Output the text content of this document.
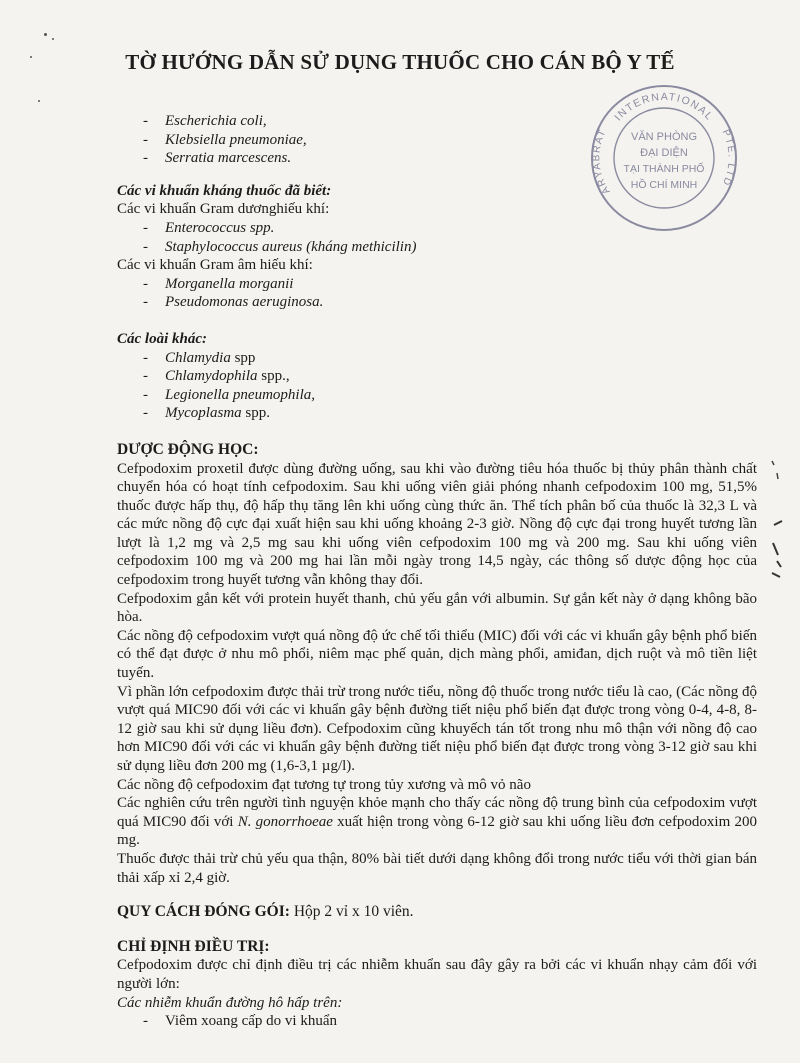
TỜ HƯỚNG DẪN SỬ DỤNG THUỐC CHO CÁN BỘ Y TẾ
INTERNATIONAL
PTE. LTD
ARYABRAT	VĂN PHÒNG
ĐẠI DIỆN
TẠI THÀNH PHỐ
HỒ CHÍ MINH
- Escherichia coli,
- Klebsiella pneumoniae,
- Serratia marcescens.
Các vi khuẩn kháng thuốc đã biết:

Các vi khuẩn Gram dươnghiếu khí:

- Enterococcus spp.
- Staphylococcus aureus (kháng methicilin)

Các vi khuẩn Gram âm hiếu khí:

- Morganella morganii
- Pseudomonas aeruginosa.
Các loài khác:
- Chlamydia spp
- Chlamydophila spp.,
- Legionella pneumophila,
- Mycoplasma spp.
DƯỢC ĐỘNG HỌC:

Cefpodoxim proxetil được dùng đường uống, sau khi vào đường tiêu hóa thuốc bị thủy phân thành chất chuyển hóa có hoạt tính cefpodoxim. Sau khi uống viên giải phóng nhanh cefpodoxim 100 mg, 51,5% thuốc được hấp thụ, độ hấp thụ tăng lên khi uống cùng thức ăn. Thể tích phân bố của thuốc là 32,3 L và các mức nồng độ cực đại xuất hiện sau khi uống khoảng 2-3 giờ. Nồng độ cực đại trong huyết tương lần lượt là 1,2 mg và 2,5 mg sau khi uống viên cefpodoxim 100 mg và 200 mg. Sau khi uống viên cefpodoxim 100 mg và 200 mg hai lần mỗi ngày trong 14,5 ngày, các thông số dược động học của cefpodoxim trong huyết tương vẫn không thay đổi.

Cefpodoxim gắn kết với protein huyết thanh, chủ yếu gắn với albumin. Sự gắn kết này ở dạng không bão hòa.

Các nồng độ cefpodoxim vượt quá nồng độ ức chế tối thiểu (MIC) đối với các vi khuẩn gây bệnh phổ biến có thể đạt được ở nhu mô phổi, niêm mạc phế quản, dịch màng phổi, amiđan, dịch ruột và mô tiền liệt tuyến.

Vì phần lớn cefpodoxim được thải trừ trong nước tiểu, nồng độ thuốc trong nước tiểu là cao, (Các nồng độ vượt quá MIC90 đối với các vi khuẩn gây bệnh đường tiết niệu phổ biến đạt được trong vòng 0-4, 4-8, 8-12 giờ sau khi sử dụng liều đơn). Cefpodoxim cũng khuyếch tán tốt trong nhu mô thận với nồng độ cao hơn MIC90 đối với các vi khuẩn gây bệnh đường tiết niệu phổ biến đạt được trong vòng 3-12 giờ sau khi sử dụng liều đơn 200 mg (1,6-3,1 µg/l).

Các nồng độ cefpodoxim đạt tương tự trong tủy xương và mô vỏ não

Các nghiên cứu trên người tình nguyện khỏe mạnh cho thấy các nồng độ trung bình của cefpodoxim vượt quá MIC90 đối với N. gonorrhoeae xuất hiện trong vòng 6-12 giờ sau khi uống liều đơn cefpodoxim 200 mg.

Thuốc được thải trừ chủ yếu qua thận, 80% bài tiết dưới dạng không đổi trong nước tiểu với thời gian bán thải xấp xỉ 2,4 giờ.

QUY CÁCH ĐÓNG GÓI: Hộp 2 vỉ x 10 viên.
CHỈ ĐỊNH ĐIỀU TRỊ:

Cefpodoxim được chỉ định điều trị các nhiễm khuẩn sau đây gây ra bởi các vi khuẩn nhạy cảm đối với người lớn:

Các nhiễm khuẩn đường hô hấp trên:

- Viêm xoang cấp do vi khuẩn
